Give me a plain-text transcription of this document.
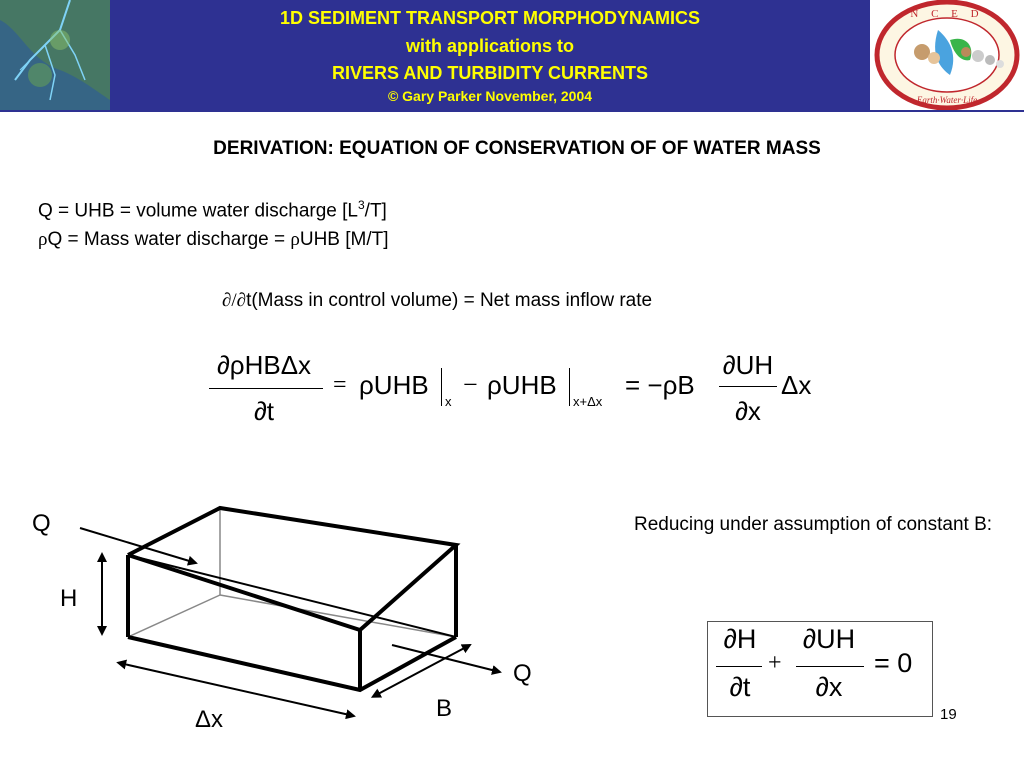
1D SEDIMENT TRANSPORT MORPHODYNAMICS
with applications to
RIVERS AND TURBIDITY CURRENTS
© Gary Parker November, 2004
N C E D
Earth·Water·Life
DERIVATION: EQUATION OF CONSERVATION OF OF WATER MASS
Q = UHB = volume water discharge $[L^3/T]$
ρQ = Mass water discharge = ρUHB [M/T]
∂/∂t(Mass in control volume) = Net mass inflow rate
∂ρHBΔx
∂t
= ρUHB
x
− ρUHB
x+Δx
= −ρB
∂UH
∂x
Δx
Q
H
Q
B
Δx
Reducing under assumption of constant B:
∂H
∂t
+
∂UH
∂x
= 0
19
